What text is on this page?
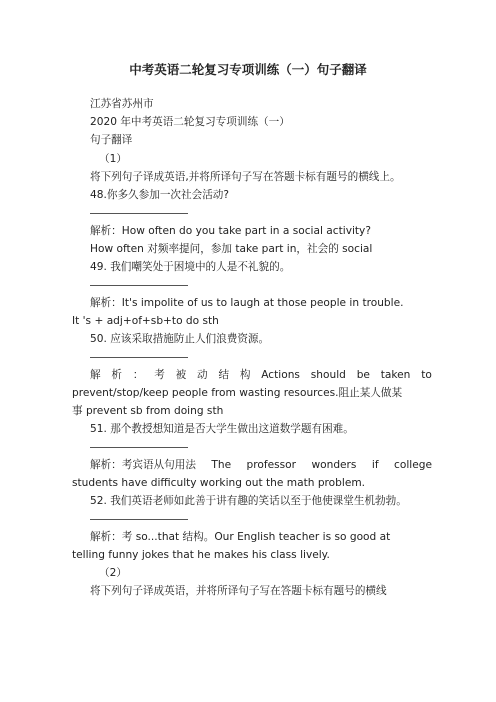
中考英语二轮复习专项训练（一）句子翻译
江苏省苏州市
2020 年中考英语二轮复习专项训练（一）
句子翻译
（1）
将下列句子译成英语,并将所译句子写在答题卡标有题号的横线上。
48.你多久参加一次社会活动?
解析：How often do you take part in a social activity?
How often 对频率提问，参加 take part in，社会的 social
49. 我们嘲笑处于困境中的人是不礼貌的。
解析：It's impolite of us to laugh at those people in trouble.
It 's + adj+of+sb+to do sth
50. 应该采取措施防止人们浪费资源。
解 析 ： 考 被 动 结 构 Actions should be taken to
prevent/stop/keep people from wasting resources.阻止某人做某
事 prevent sb from doing sth
51. 那个教授想知道是否大学生做出这道数学题有困难。
解析：考宾语从句用法 The professor wonders if college
students have difficulty working out the math problem.
52. 我们英语老师如此善于讲有趣的笑话以至于他使课堂生机勃勃。
解析：考 so...that 结构。Our English teacher is so good at
telling funny jokes that he makes his class lively.
（2）
将下列句子译成英语，并将所译句子写在答题卡标有题号的横线
